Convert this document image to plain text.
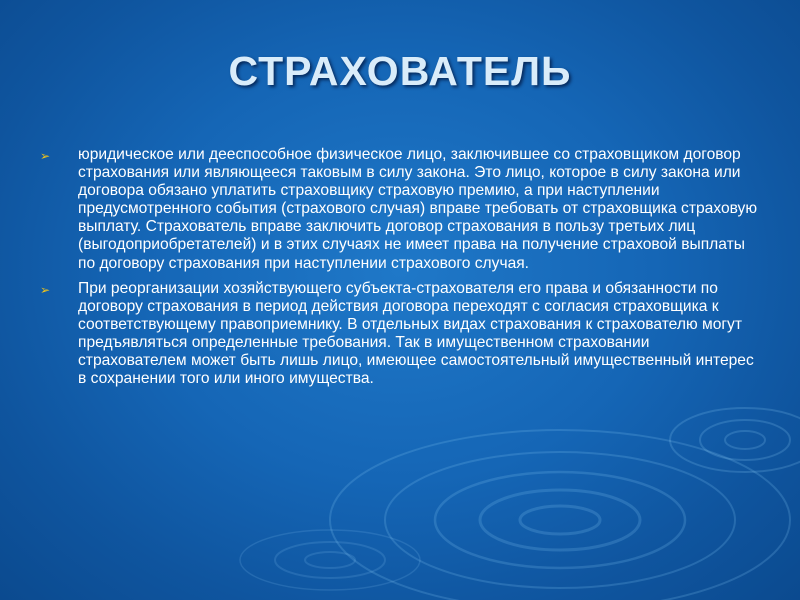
СТРАХОВАТЕЛЬ
➢ юридическое или дееспособное физическое лицо, заключившее со страховщиком договор страхования или являющееся таковым в силу закона. Это лицо, которое в силу закона или договора обязано уплатить страховщику страховую премию, а при наступлении предусмотренного события (страхового случая) вправе требовать от страховщика страховую выплату. Страхователь вправе заключить договор страхования в пользу третьих лиц (выгодоприобретателей) и в этих случаях не имеет права на получение страховой выплаты по договору страхования при наступлении страхового случая.
➢ При реорганизации хозяйствующего субъекта-страхователя его права и обязанности по договору страхования в период действия договора переходят с согласия страховщика к соответствующему правоприемнику. В отдельных видах страхования к страхователю могут предъявляться определенные требования. Так в имущественном страховании страхователем может быть лишь лицо, имеющее самостоятельный имущественный интерес в сохранении того или иного имущества.
